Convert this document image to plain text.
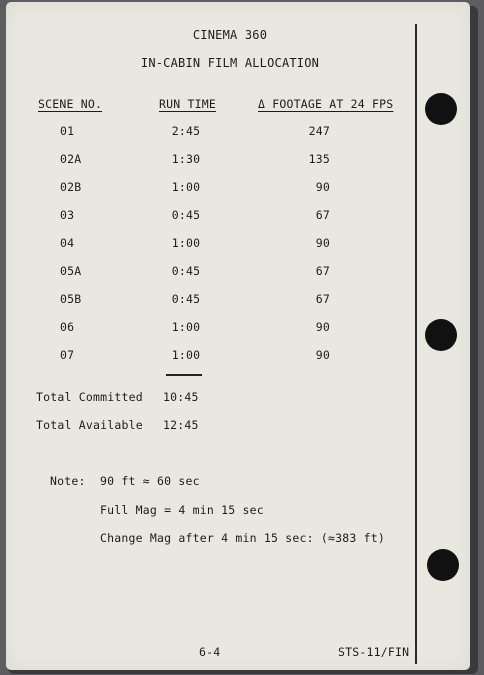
CINEMA 360
IN-CABIN FILM ALLOCATION
SCENE NO.	RUN TIME	Δ FOOTAGE AT 24 FPS
01	2:45	247
02A	1:30	135
02B	1:00	90
03	0:45	67
04	1:00	90
05A	0:45	67
05B	0:45	67
06	1:00	90
07	1:00	90
Total Committed 10:45
Total Available 12:45
Note: 90 ft ≈ 60 sec
Full Mag = 4 min 15 sec
Change Mag after 4 min 15 sec: (≈383 ft)
6-4	STS-11/FIN
